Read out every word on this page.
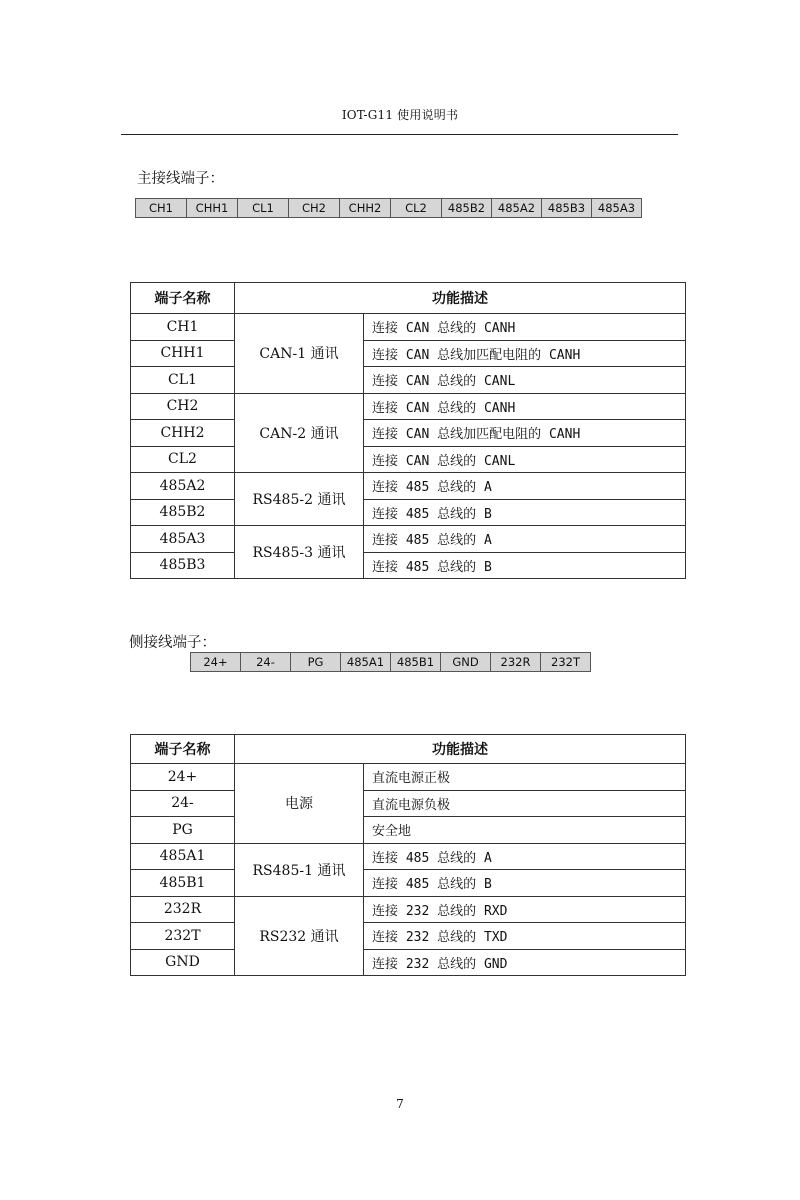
IOT-G11 使用说明书
主接线端子：
CH1	CHH1	CL1	CH2	CHH2	CL2	485B2	485A2	485B3	485A3
端子名称	功能描述	
CH1	CAN-1 通讯	连接 CAN 总线的 CANH
CHH1		连接 CAN 总线加匹配电阻的 CANH
CL1		连接 CAN 总线的 CANL
CH2	CAN-2 通讯	连接 CAN 总线的 CANH
CHH2		连接 CAN 总线加匹配电阻的 CANH
CL2		连接 CAN 总线的 CANL
485A2	RS485-2 通讯	连接 485 总线的 A
485B2		连接 485 总线的 B
485A3	RS485-3 通讯	连接 485 总线的 A
485B3		连接 485 总线的 B
侧接线端子：
24+	24-	PG	485A1	485B1	GND	232R	232T
端子名称	功能描述	
24+	电源	直流电源正极
24-		直流电源负极
PG		安全地
485A1	RS485-1 通讯	连接 485 总线的 A
485B1		连接 485 总线的 B
232R	RS232 通讯	连接 232 总线的 RXD
232T		连接 232 总线的 TXD
GND		连接 232 总线的 GND
7
